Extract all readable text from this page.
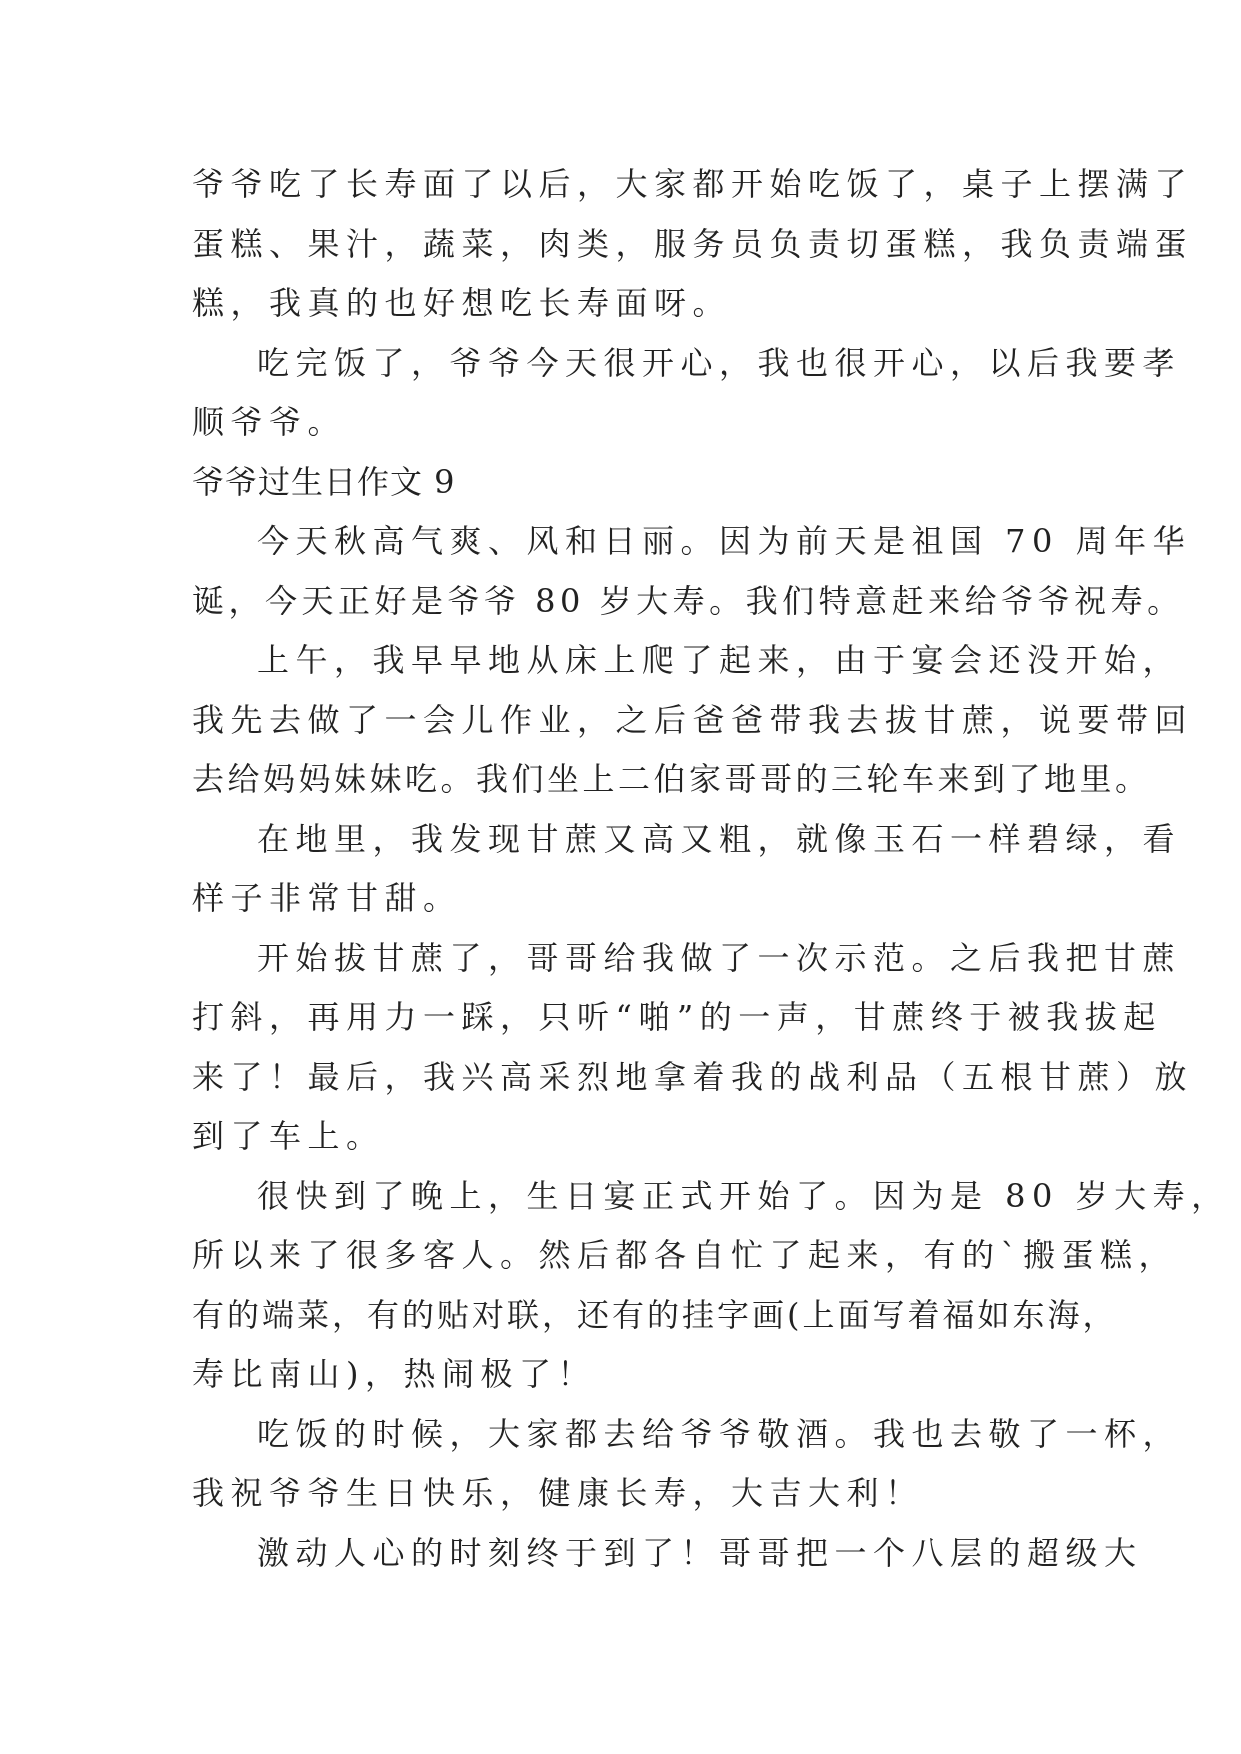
爷爷吃了长寿面了以后，大家都开始吃饭了，桌子上摆满了
蛋糕、果汁，蔬菜，肉类，服务员负责切蛋糕，我负责端蛋
糕，我真的也好想吃长寿面呀。
吃完饭了，爷爷今天很开心，我也很开心，以后我要孝
顺爷爷。
爷爷过生日作文 9
今天秋高气爽、风和日丽。因为前天是祖国 70 周年华
诞，今天正好是爷爷 80 岁大寿。我们特意赶来给爷爷祝寿。
上午，我早早地从床上爬了起来，由于宴会还没开始，
我先去做了一会儿作业，之后爸爸带我去拔甘蔗，说要带回
去给妈妈妹妹吃。我们坐上二伯家哥哥的三轮车来到了地里。
在地里，我发现甘蔗又高又粗，就像玉石一样碧绿，看
样子非常甘甜。
开始拔甘蔗了，哥哥给我做了一次示范。之后我把甘蔗
打斜，再用力一踩，只听“啪”的一声，甘蔗终于被我拔起
来了！最后，我兴高采烈地拿着我的战利品（五根甘蔗）放
到了车上。
很快到了晚上，生日宴正式开始了。因为是 80 岁大寿，
所以来了很多客人。然后都各自忙了起来，有的`搬蛋糕，
有的端菜，有的贴对联，还有的挂字画(上面写着福如东海，
寿比南山)，热闹极了！
吃饭的时候，大家都去给爷爷敬酒。我也去敬了一杯，
我祝爷爷生日快乐，健康长寿，大吉大利！
激动人心的时刻终于到了！哥哥把一个八层的超级大
